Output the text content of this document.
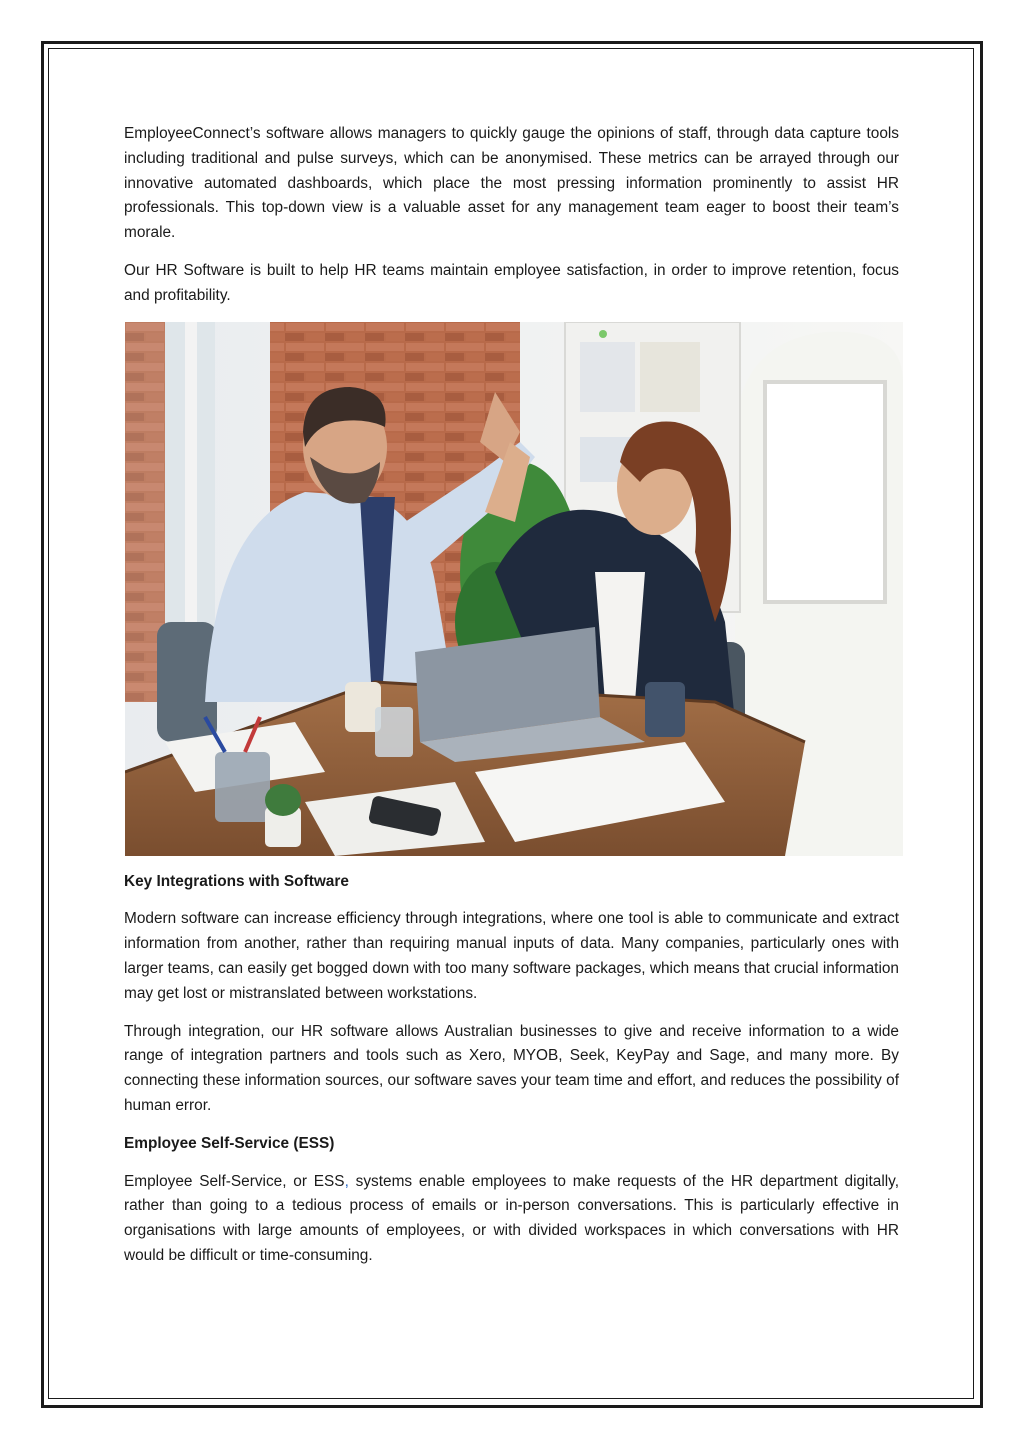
EmployeeConnect’s software allows managers to quickly gauge the opinions of staff, through data capture tools including traditional and pulse surveys, which can be anonymised. These metrics can be arrayed through our innovative automated dashboards, which place the most pressing information prominently to assist HR professionals. This top-down view is a valuable asset for any management team eager to boost their team’s morale.

Our HR Software is built to help HR teams maintain employee satisfaction, in order to improve retention, focus and profitability.

Key Integrations with Software

Modern software can increase efficiency through integrations, where one tool is able to communicate and extract information from another, rather than requiring manual inputs of data. Many companies, particularly ones with larger teams, can easily get bogged down with too many software packages, which means that crucial information may get lost or mistranslated between workstations.

Through integration, our HR software allows Australian businesses to give and receive information to a wide range of integration partners and tools such as Xero, MYOB, Seek, KeyPay and Sage, and many more. By connecting these information sources, our software saves your team time and effort, and reduces the possibility of human error.

Employee Self-Service (ESS)

Employee Self-Service, or ESS, systems enable employees to make requests of the HR department digitally, rather than going to a tedious process of emails or in-person conversations. This is particularly effective in organisations with large amounts of employees, or with divided workspaces in which conversations with HR would be difficult or time-consuming.
